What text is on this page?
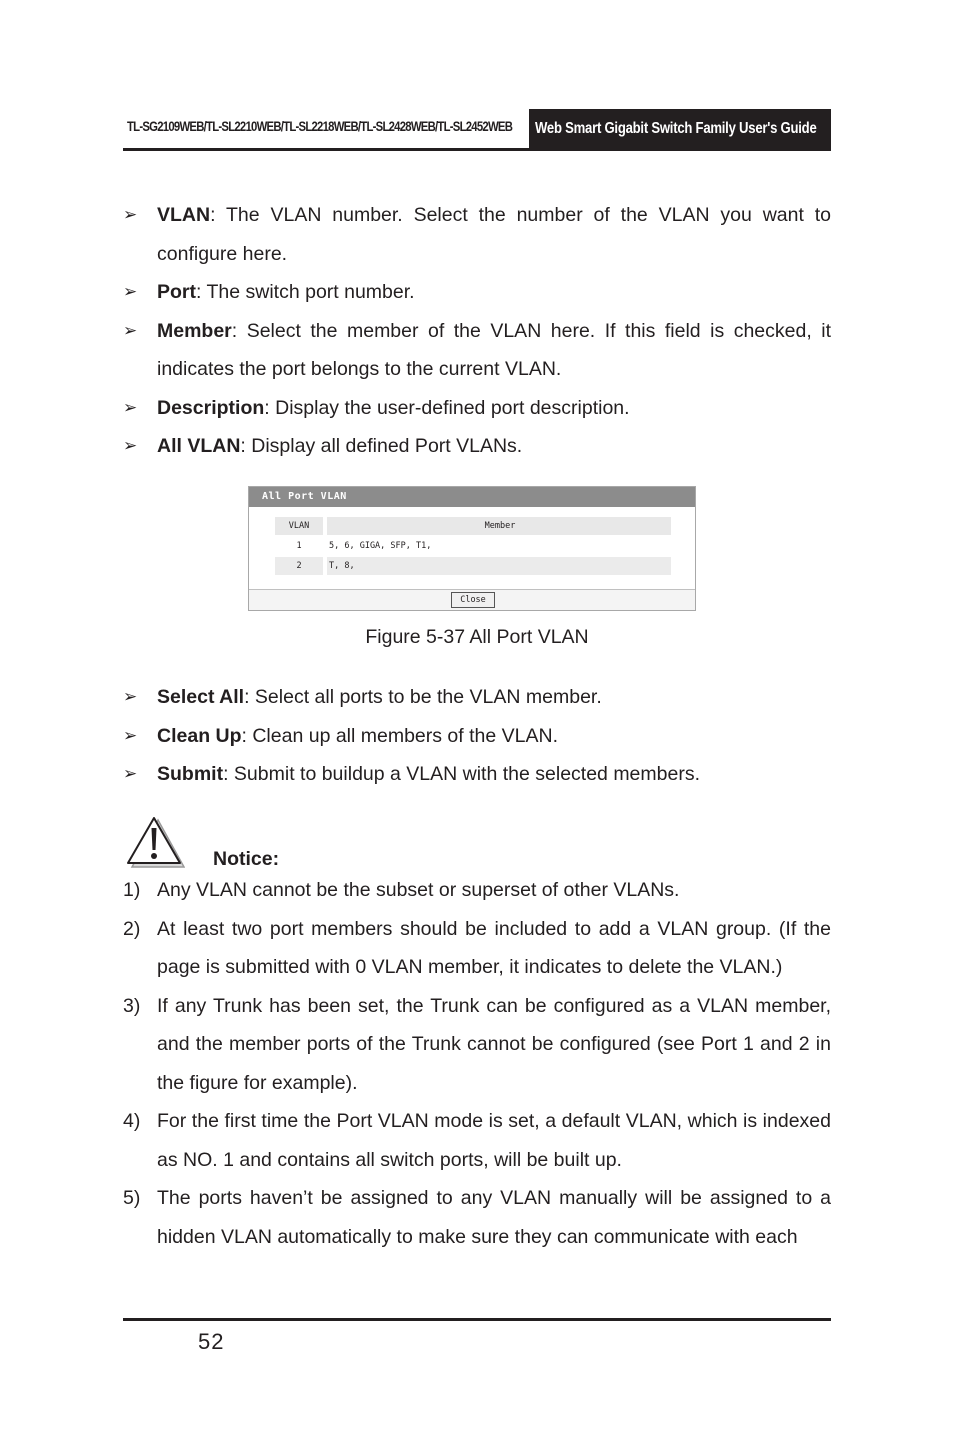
TL-SG2109WEB/TL-SL2210WEB/TL-SL2218WEB/TL-SL2428WEB/TL-SL2452WEB	Web Smart Gigabit Switch Family User's Guide
➢ VLAN: The VLAN number. Select the number of the VLAN you want to configure here.
➢ Port: The switch port number.
➢ Member: Select the member of the VLAN here. If this field is checked, it indicates the port belongs to the current VLAN.
➢ Description: Display the user-defined port description.
➢ All VLAN: Display all defined Port VLANs.
All Port VLAN
VLAN		Member
1		5, 6, GIGA, SFP, T1,
2		T, 8,
Close
Figure 5-37 All Port VLAN
➢ Select All: Select all ports to be the VLAN member.
➢ Clean Up: Clean up all members of the VLAN.
➢ Submit: Submit to buildup a VLAN with the selected members.
Notice:
1) Any VLAN cannot be the subset or superset of other VLANs.
2) At least two port members should be included to add a VLAN group. (If the page is submitted with 0 VLAN member, it indicates to delete the VLAN.)
3) If any Trunk has been set, the Trunk can be configured as a VLAN member, and the member ports of the Trunk cannot be configured (see Port 1 and 2 in the figure for example).
4) For the first time the Port VLAN mode is set, a default VLAN, which is indexed as NO. 1 and contains all switch ports, will be built up.
5) The ports haven’t be assigned to any VLAN manually will be assigned to a hidden VLAN automatically to make sure they can communicate with each
52
